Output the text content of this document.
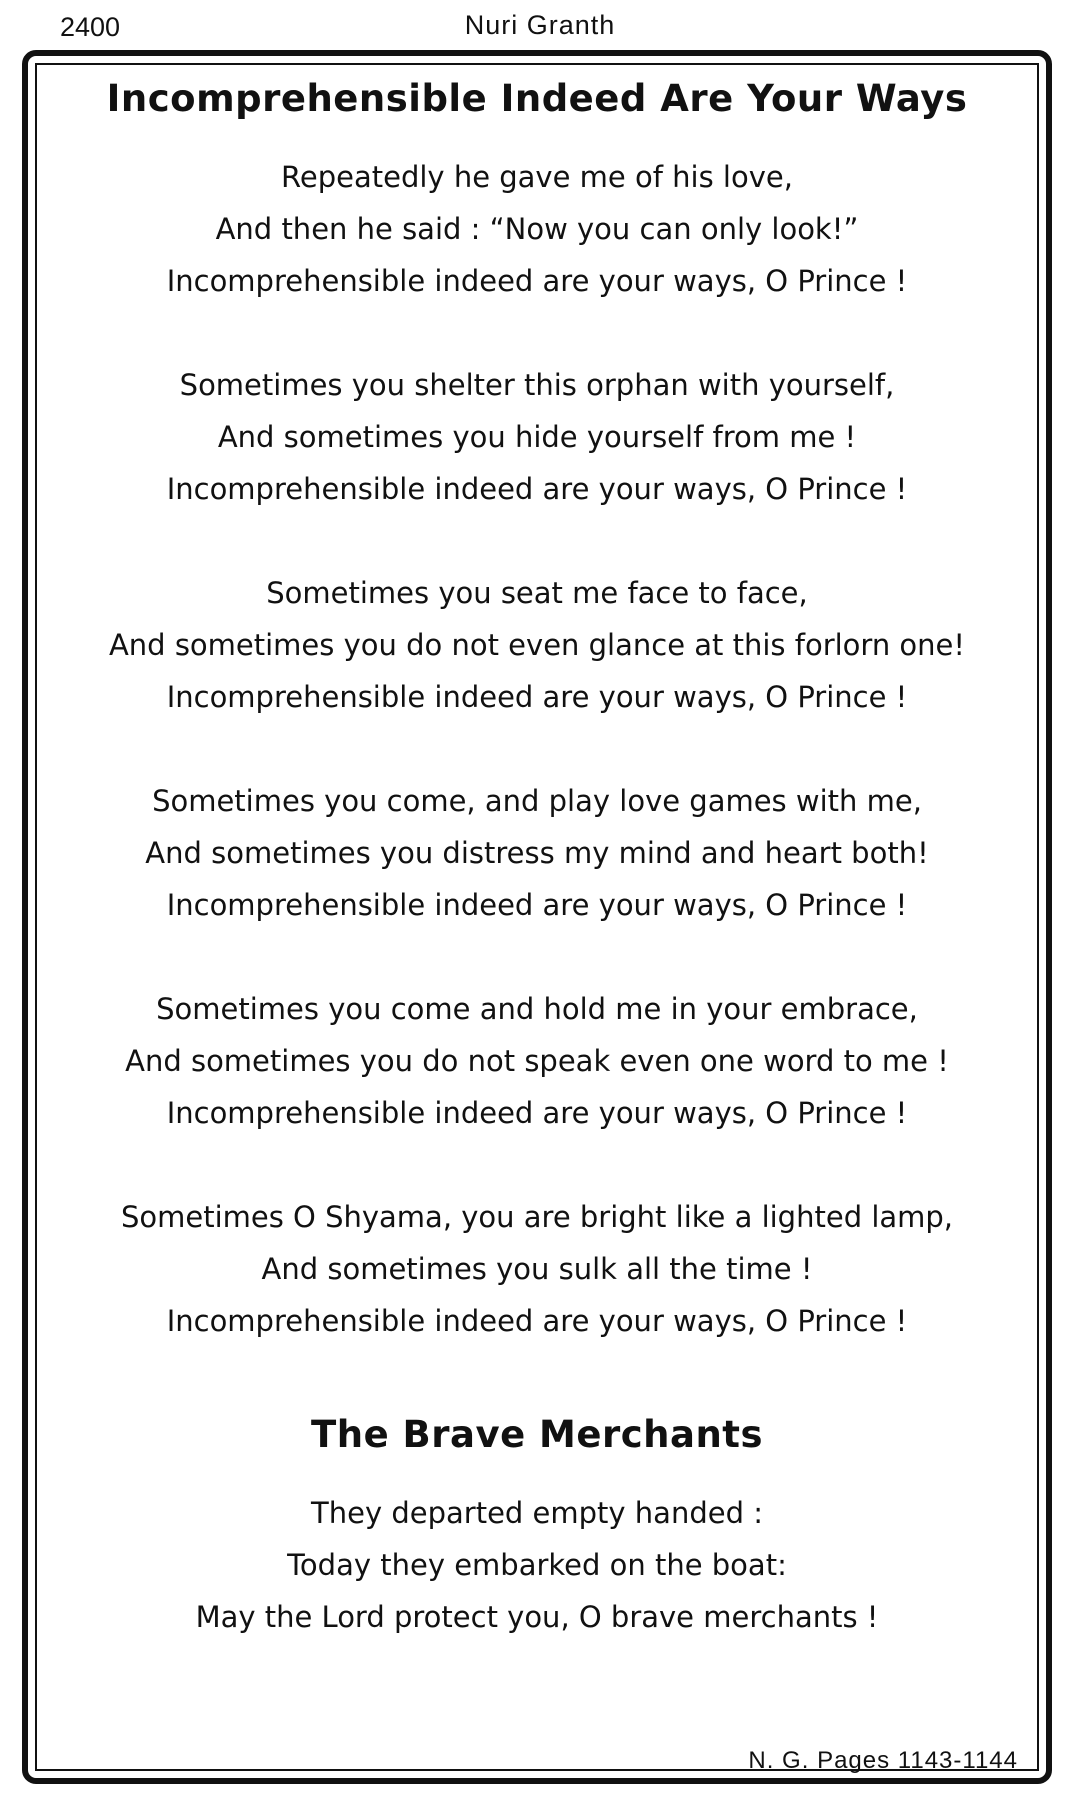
2400	Nuri Granth
Incomprehensible Indeed Are Your Ways
Repeatedly he gave me of his love,
And then he said : “Now you can only look!”
Incomprehensible indeed are your ways, O Prince !
Sometimes you shelter this orphan with yourself,
And sometimes you hide yourself from me !
Incomprehensible indeed are your ways, O Prince !
Sometimes you seat me face to face,
And sometimes you do not even glance at this forlorn one!
Incomprehensible indeed are your ways, O Prince !
Sometimes you come, and play love games with me,
And sometimes you distress my mind and heart both!
Incomprehensible indeed are your ways, O Prince !
Sometimes you come and hold me in your embrace,
And sometimes you do not speak even one word to me !
Incomprehensible indeed are your ways, O Prince !
Sometimes O Shyama, you are bright like a lighted lamp,
And sometimes you sulk all the time !
Incomprehensible indeed are your ways, O Prince !
The Brave Merchants
They departed empty handed :
Today they embarked on the boat:
May the Lord protect you, O brave merchants !
N. G. Pages 1143-1144
